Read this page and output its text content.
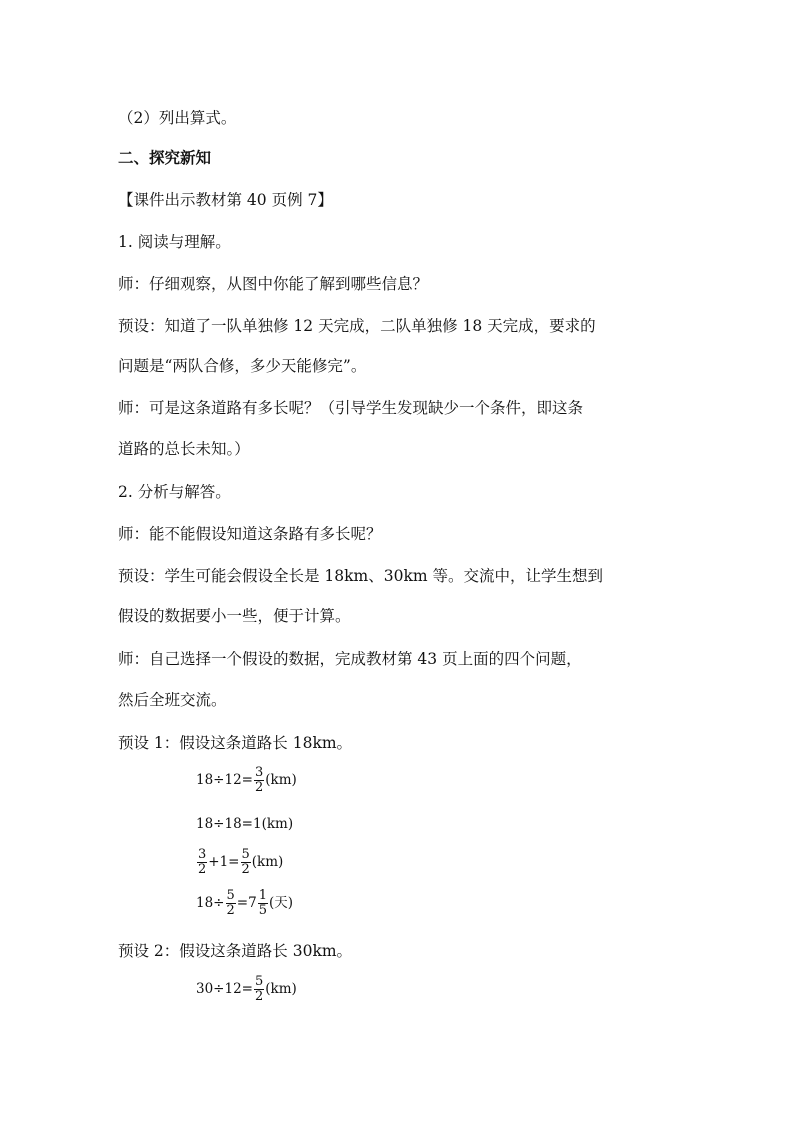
（2）列出算式。
二、探究新知
【课件出示教材第 40 页例 7】
1. 阅读与理解。
师：仔细观察，从图中你能了解到哪些信息？
预设：知道了一队单独修 12 天完成，二队单独修 18 天完成，要求的
问题是“两队合修，多少天能修完”。
师：可是这条道路有多长呢？（引导学生发现缺少一个条件，即这条
道路的总长未知。）
2. 分析与解答。
师：能不能假设知道这条路有多长呢？
预设：学生可能会假设全长是 18km、30km 等。交流中，让学生想到
假设的数据要小一些，便于计算。
师：自己选择一个假设的数据，完成教材第 43 页上面的四个问题，
然后全班交流。
预设 1：假设这条道路长 18km。
$18\div 12= \frac{3}{2} (km)$
18÷18=1(km)
$\frac{3}{2} +1= \frac{5}{2} (km)$
$18\div \frac{5}{2} =7 \frac{1}{5}$ (天)
预设 2：假设这条道路长 30km。
$30\div 12= \frac{5}{2} (km)$
